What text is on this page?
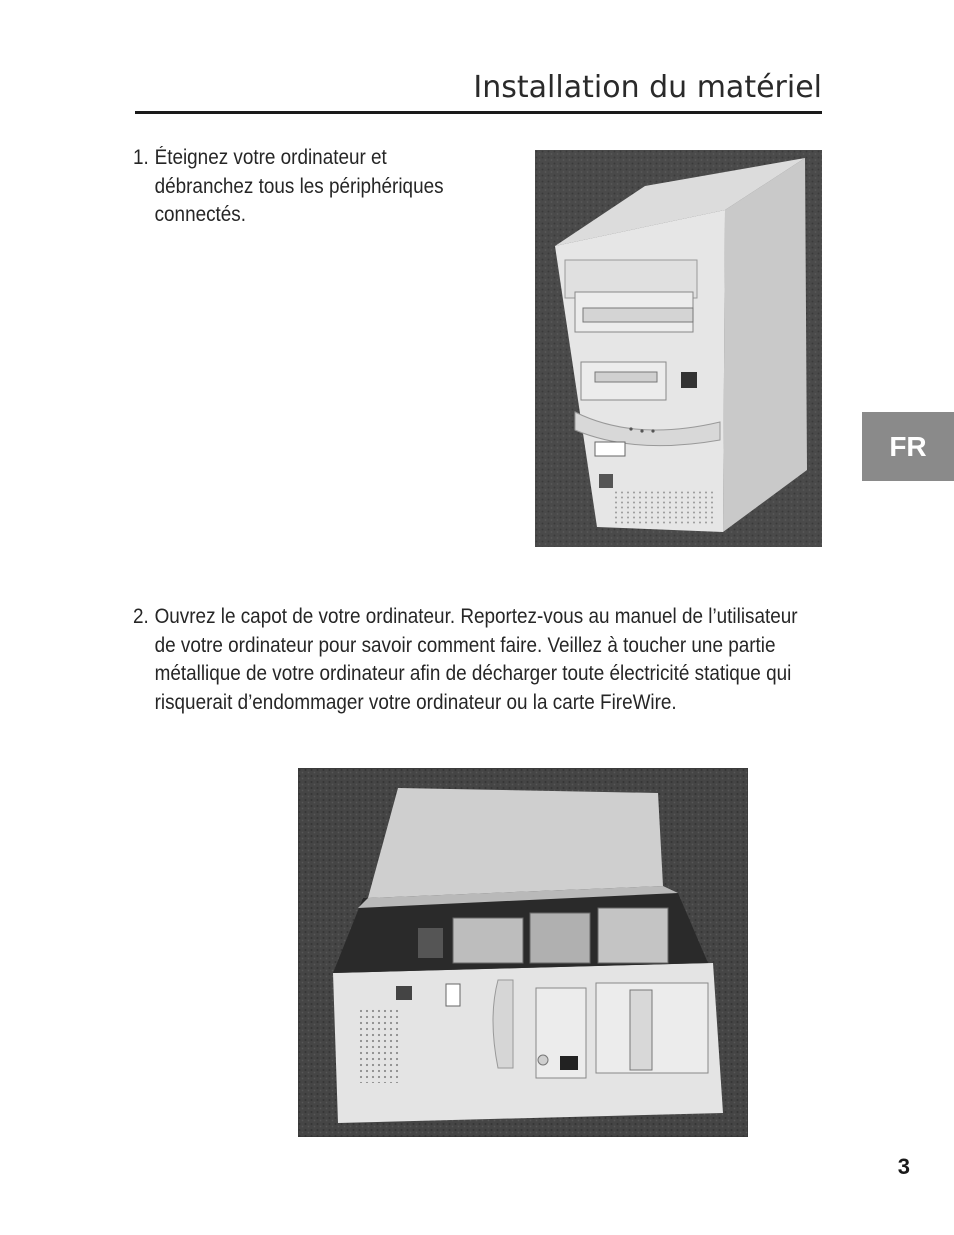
Installation du matériel
1. Éteignez votre ordinateur et débranchez tous les périphériques connectés.
FR
2. Ouvrez le capot de votre ordinateur. Reportez-vous au manuel de l’utilisateur de votre ordinateur pour savoir comment faire. Veillez à toucher une partie métallique de votre ordinateur afin de décharger toute électricité statique qui risquerait d’endommager votre ordinateur ou la carte FireWire.
3
